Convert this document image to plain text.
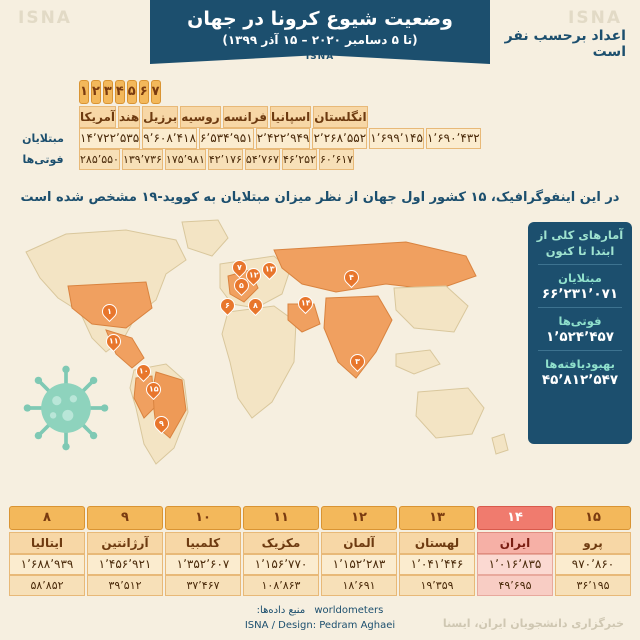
ISNA	ISNA
وضعیت شیوع کرونا در جهان
(تا ۵ دسامبر ۲۰۲۰ – ۱۵ آذر ۱۳۹۹)
ISNA
اعداد برحسب نفر است
۱ ۲ ۳ ۴ ۵ ۶ ۷
آمریکا هند برزیل روسیه فرانسه اسپانیا انگلستان
مبتلایان	۱۴٬۷۲۲٬۵۳۵ ۹٬۶۰۸٬۴۱۸ ۶٬۵۳۴٬۹۵۱ ۲٬۴۲۲٬۹۴۹ ۲٬۲۶۸٬۵۵۲ ۱٬۶۹۹٬۱۴۵ ۱٬۶۹۰٬۴۳۲
فوتی‌ها	۲۸۵٬۵۵۰ ۱۳۹٬۷۳۶ ۱۷۵٬۹۸۱ ۴۲٬۱۷۶ ۵۴٬۷۶۷ ۴۶٬۲۵۲ ۶۰٬۶۱۷
در این اینفوگرافیک، ۱۵ کشور اول جهان از نظر میزان مبتلایان به کووید-۱۹ مشخص شده است
۱
۳
۴
۵
۶
۷
۸
۹
۱۰
۱۱
۱۲
۱۳
۱۴
۱۵
آمارهای کلی از ابتدا تا کنون
مبتلایان
۶۶٬۲۳۱٬۰۷۱
فوتی‌ها
۱٬۵۲۴٬۴۵۷
بهبودیافته‌ها
۴۵٬۸۱۲٬۵۴۷
۸	۹	۱۰	۱۱	۱۲	۱۳	۱۴	۱۵
ایتالیا	آرژانتین	کلمبیا	مکزیک	آلمان	لهستان	ایران	پرو
۱٬۶۸۸٬۹۳۹	۱٬۴۵۶٬۹۲۱	۱٬۳۵۲٬۶۰۷	۱٬۱۵۶٬۷۷۰	۱٬۱۵۲٬۲۸۳	۱٬۰۴۱٬۴۴۶	۱٬۰۱۶٬۸۳۵	۹۷۰٬۸۶۰
۵۸٬۸۵۲	۳۹٬۵۱۲	۳۷٬۴۶۷	۱۰۸٬۸۶۳	۱۸٬۶۹۱	۱۹٬۳۵۹	۴۹٬۶۹۵	۳۶٬۱۹۵
worldometers منبع داده‌ها:
ISNA / Design: Pedram Aghaei	خبرگزاری دانشجویان ایران، ایسنا
